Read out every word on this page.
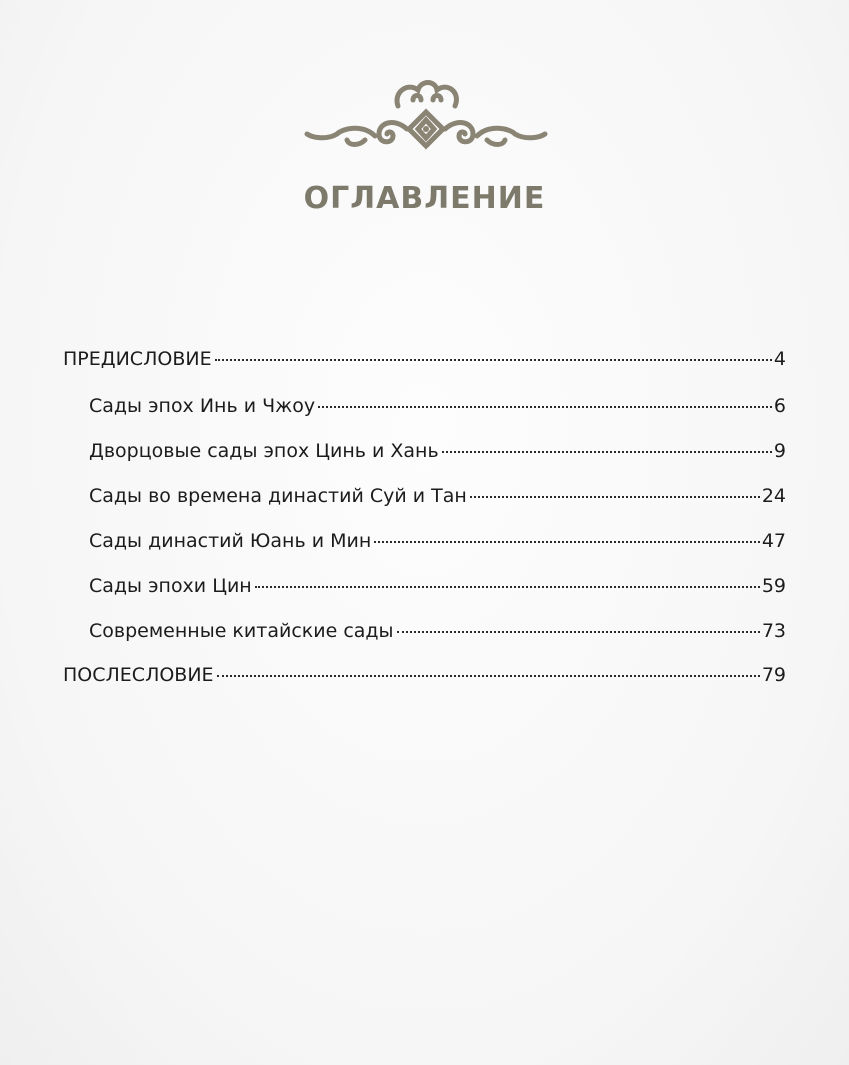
ОГЛАВЛЕНИЕ
ПРЕДИСЛОВИЕ	4
Сады эпох Инь и Чжоу	6
Дворцовые сады эпох Цинь и Хань	9
Сады во времена династий Суй и Тан	24
Сады династий Юань и Мин	47
Сады эпохи Цин	59
Современные китайские сады	73
ПОСЛЕСЛОВИЕ	79
